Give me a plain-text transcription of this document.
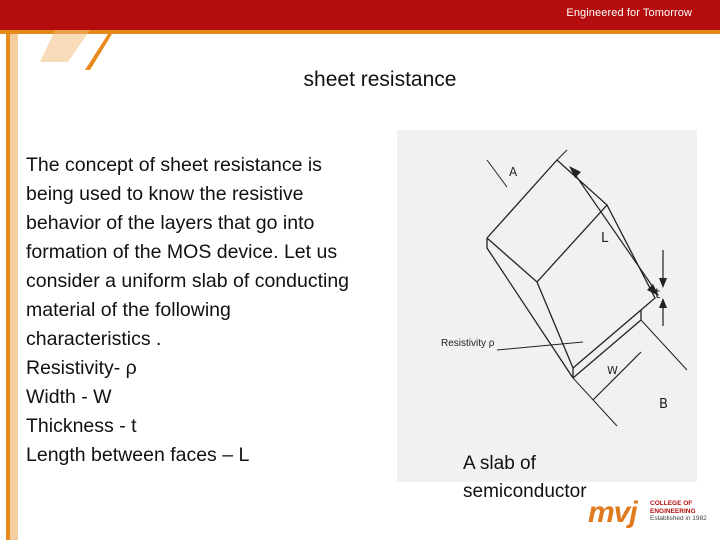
Engineered for Tomorrow
sheet resistance
The concept of sheet resistance is
being used to know the resistive
behavior of the layers that go into
formation of the MOS device. Let us
consider a uniform slab of conducting
material of the following
characteristics .
Resistivity- ρ
Width - W
Thickness - t
Length between faces – L
A
L
t
Resistivity ρ
W
B
A slab of
semiconductor
mvj COLLEGE OF
ENGINEERING
Established in 1982
